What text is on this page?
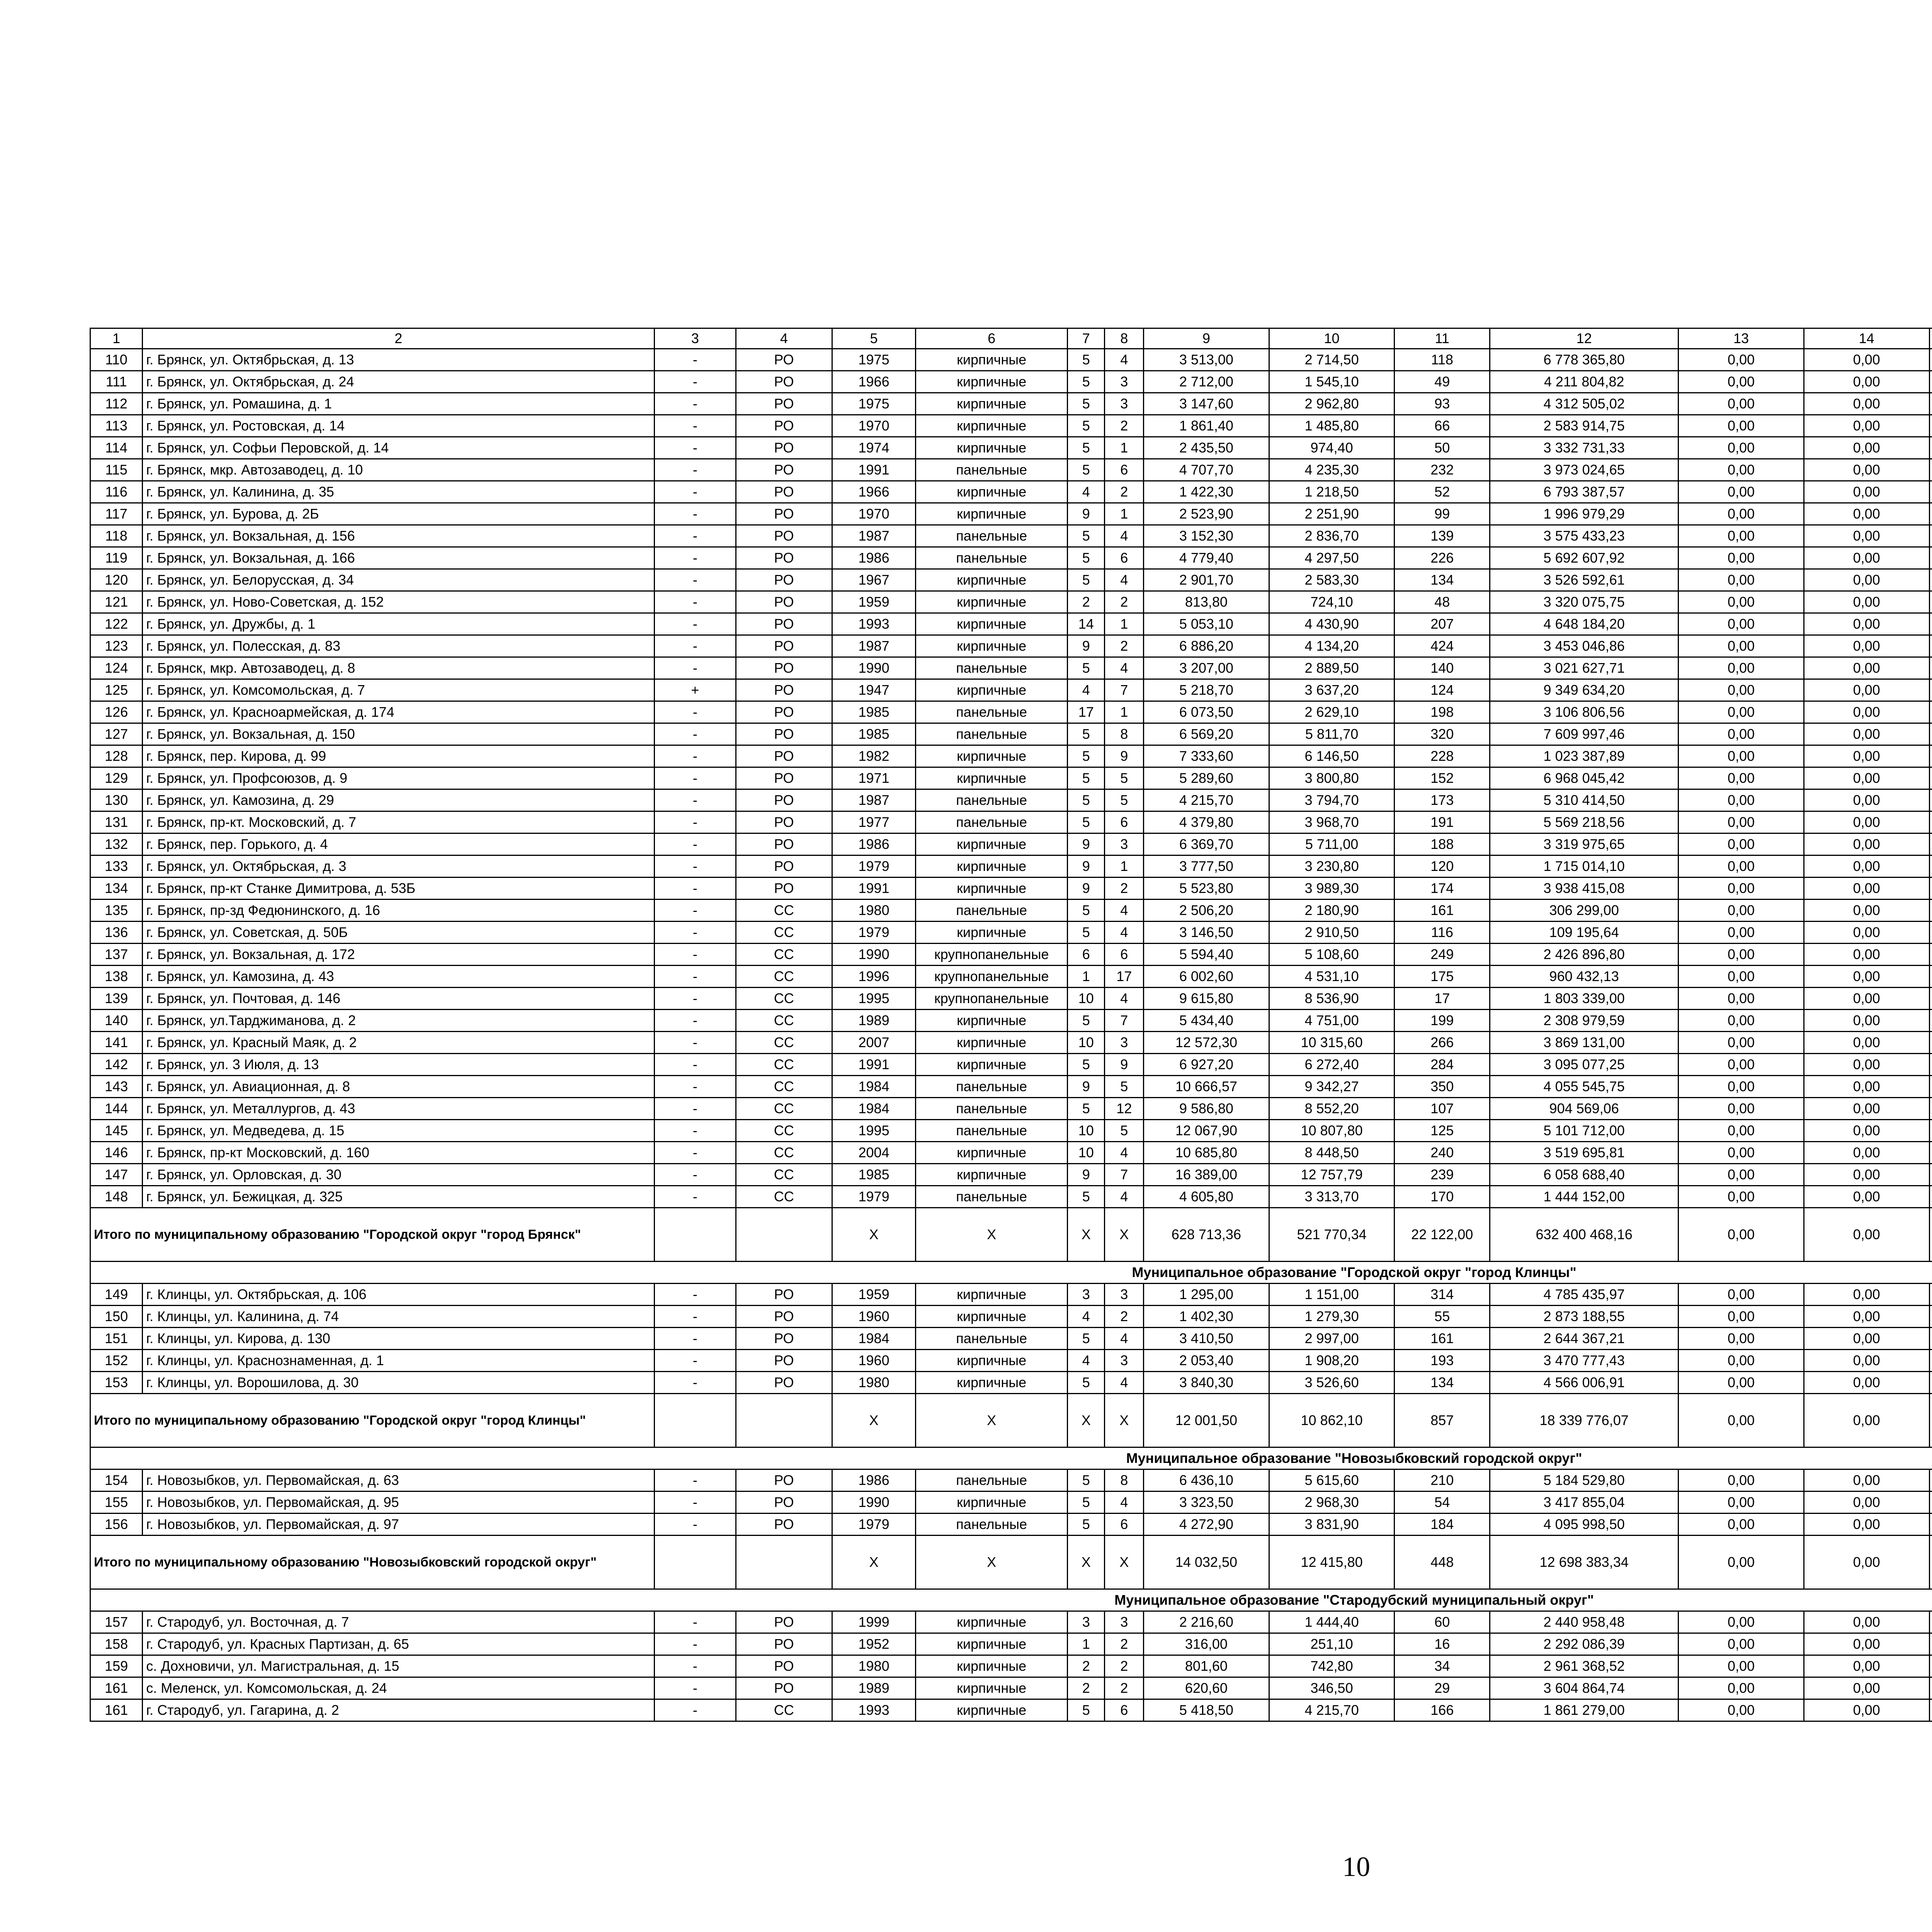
1	2	3	4	5	6	7	8	9	10	11	12	13	14					
110	г. Брянск, ул. Октябрьская, д. 13	-	РО	1975	кирпичные	5	4	3 513,00	2 714,50	118	6 778 365,80	0,00	0,00					
111	г. Брянск, ул. Октябрьская, д. 24	-	РО	1966	кирпичные	5	3	2 712,00	1 545,10	49	4 211 804,82	0,00	0,00					
112	г. Брянск, ул. Ромашина, д. 1	-	РО	1975	кирпичные	5	3	3 147,60	2 962,80	93	4 312 505,02	0,00	0,00					
113	г. Брянск, ул. Ростовская, д. 14	-	РО	1970	кирпичные	5	2	1 861,40	1 485,80	66	2 583 914,75	0,00	0,00					
114	г. Брянск, ул. Софьи Перовской, д. 14	-	РО	1974	кирпичные	5	1	2 435,50	974,40	50	3 332 731,33	0,00	0,00					
115	г. Брянск, мкр. Автозаводец, д. 10	-	РО	1991	панельные	5	6	4 707,70	4 235,30	232	3 973 024,65	0,00	0,00					
116	г. Брянск, ул. Калинина, д. 35	-	РО	1966	кирпичные	4	2	1 422,30	1 218,50	52	6 793 387,57	0,00	0,00					
117	г. Брянск, ул. Бурова, д. 2Б	-	РО	1970	кирпичные	9	1	2 523,90	2 251,90	99	1 996 979,29	0,00	0,00					
118	г. Брянск, ул. Вокзальная, д. 156	-	РО	1987	панельные	5	4	3 152,30	2 836,70	139	3 575 433,23	0,00	0,00					
119	г. Брянск, ул. Вокзальная, д. 166	-	РО	1986	панельные	5	6	4 779,40	4 297,50	226	5 692 607,92	0,00	0,00					
120	г. Брянск, ул. Белорусская, д. 34	-	РО	1967	кирпичные	5	4	2 901,70	2 583,30	134	3 526 592,61	0,00	0,00					
121	г. Брянск, ул. Ново-Советская, д. 152	-	РО	1959	кирпичные	2	2	813,80	724,10	48	3 320 075,75	0,00	0,00					
122	г. Брянск, ул. Дружбы, д. 1	-	РО	1993	кирпичные	14	1	5 053,10	4 430,90	207	4 648 184,20	0,00	0,00					
123	г. Брянск, ул. Полесская, д. 83	-	РО	1987	кирпичные	9	2	6 886,20	4 134,20	424	3 453 046,86	0,00	0,00					
124	г. Брянск, мкр. Автозаводец, д. 8	-	РО	1990	панельные	5	4	3 207,00	2 889,50	140	3 021 627,71	0,00	0,00					
125	г. Брянск, ул. Комсомольская, д. 7	+	РО	1947	кирпичные	4	7	5 218,70	3 637,20	124	9 349 634,20	0,00	0,00					
126	г. Брянск, ул. Красноармейская, д. 174	-	РО	1985	панельные	17	1	6 073,50	2 629,10	198	3 106 806,56	0,00	0,00					
127	г. Брянск, ул. Вокзальная, д. 150	-	РО	1985	панельные	5	8	6 569,20	5 811,70	320	7 609 997,46	0,00	0,00					
128	г. Брянск, пер. Кирова, д. 99	-	РО	1982	кирпичные	5	9	7 333,60	6 146,50	228	1 023 387,89	0,00	0,00					
129	г. Брянск, ул. Профсоюзов, д. 9	-	РО	1971	кирпичные	5	5	5 289,60	3 800,80	152	6 968 045,42	0,00	0,00					
130	г. Брянск, ул. Камозина, д. 29	-	РО	1987	панельные	5	5	4 215,70	3 794,70	173	5 310 414,50	0,00	0,00					
131	г. Брянск, пр-кт. Московский, д. 7	-	РО	1977	панельные	5	6	4 379,80	3 968,70	191	5 569 218,56	0,00	0,00					
132	г. Брянск, пер. Горького, д. 4	-	РО	1986	кирпичные	9	3	6 369,70	5 711,00	188	3 319 975,65	0,00	0,00					
133	г. Брянск, ул. Октябрьская, д. 3	-	РО	1979	кирпичные	9	1	3 777,50	3 230,80	120	1 715 014,10	0,00	0,00					
134	г. Брянск, пр-кт Станке Димитрова, д. 53Б	-	РО	1991	кирпичные	9	2	5 523,80	3 989,30	174	3 938 415,08	0,00	0,00					
135	г. Брянск, пр-зд Федюнинского, д. 16	-	СС	1980	панельные	5	4	2 506,20	2 180,90	161	306 299,00	0,00	0,00					
136	г. Брянск, ул. Советская, д. 50Б	-	СС	1979	кирпичные	5	4	3 146,50	2 910,50	116	109 195,64	0,00	0,00					
137	г. Брянск, ул. Вокзальная, д. 172	-	СС	1990	крупнопанельные	6	6	5 594,40	5 108,60	249	2 426 896,80	0,00	0,00					
138	г. Брянск, ул. Камозина, д. 43	-	СС	1996	крупнопанельные	1	17	6 002,60	4 531,10	175	960 432,13	0,00	0,00					
139	г. Брянск, ул. Почтовая, д. 146	-	СС	1995	крупнопанельные	10	4	9 615,80	8 536,90	17	1 803 339,00	0,00	0,00					
140	г. Брянск, ул.Тарджиманова, д. 2	-	СС	1989	кирпичные	5	7	5 434,40	4 751,00	199	2 308 979,59	0,00	0,00					
141	г. Брянск, ул. Красный Маяк, д. 2	-	СС	2007	кирпичные	10	3	12 572,30	10 315,60	266	3 869 131,00	0,00	0,00					
142	г. Брянск, ул. 3 Июля, д. 13	-	СС	1991	кирпичные	5	9	6 927,20	6 272,40	284	3 095 077,25	0,00	0,00					
143	г. Брянск, ул. Авиационная, д. 8	-	СС	1984	панельные	9	5	10 666,57	9 342,27	350	4 055 545,75	0,00	0,00					
144	г. Брянск, ул. Металлургов, д. 43	-	СС	1984	панельные	5	12	9 586,80	8 552,20	107	904 569,06	0,00	0,00					
145	г. Брянск, ул. Медведева, д. 15	-	СС	1995	панельные	10	5	12 067,90	10 807,80	125	5 101 712,00	0,00	0,00					
146	г. Брянск, пр-кт Московский, д. 160	-	СС	2004	кирпичные	10	4	10 685,80	8 448,50	240	3 519 695,81	0,00	0,00					
147	г. Брянск, ул. Орловская, д. 30	-	СС	1985	кирпичные	9	7	16 389,00	12 757,79	239	6 058 688,40	0,00	0,00					
148	г. Брянск, ул. Бежицкая, д. 325	-	СС	1979	панельные	5	4	4 605,80	3 313,70	170	1 444 152,00	0,00	0,00					
Итого по муниципальному образованию "Городской округ "город Брянск"				Х	Х	Х	Х	628 713,36	521 770,34	22 122,00	632 400 468,16	0,00	0,00					
Муниципальное образование "Городской округ "город Клинцы"																		
149	г. Клинцы, ул. Октябрьская, д. 106	-	РО	1959	кирпичные	3	3	1 295,00	1 151,00	314	4 785 435,97	0,00	0,00					
150	г. Клинцы, ул. Калинина, д. 74	-	РО	1960	кирпичные	4	2	1 402,30	1 279,30	55	2 873 188,55	0,00	0,00					
151	г. Клинцы, ул. Кирова, д. 130	-	РО	1984	панельные	5	4	3 410,50	2 997,00	161	2 644 367,21	0,00	0,00					
152	г. Клинцы, ул. Краснознаменная, д. 1	-	РО	1960	кирпичные	4	3	2 053,40	1 908,20	193	3 470 777,43	0,00	0,00					
153	г. Клинцы, ул. Ворошилова, д. 30	-	РО	1980	кирпичные	5	4	3 840,30	3 526,60	134	4 566 006,91	0,00	0,00					
Итого по муниципальному образованию "Городской округ "город Клинцы"				Х	Х	Х	Х	12 001,50	10 862,10	857	18 339 776,07	0,00	0,00					
Муниципальное образование "Новозыбковский городской округ"																		
154	г. Новозыбков, ул. Первомайская, д. 63	-	РО	1986	панельные	5	8	6 436,10	5 615,60	210	5 184 529,80	0,00	0,00					
155	г. Новозыбков, ул. Первомайская, д. 95	-	РО	1990	кирпичные	5	4	3 323,50	2 968,30	54	3 417 855,04	0,00	0,00					
156	г. Новозыбков, ул. Первомайская, д. 97	-	РО	1979	панельные	5	6	4 272,90	3 831,90	184	4 095 998,50	0,00	0,00					
Итого по муниципальному образованию "Новозыбковский городской округ"				Х	Х	Х	Х	14 032,50	12 415,80	448	12 698 383,34	0,00	0,00					
Муниципальное образование "Стародубский муниципальный округ"																		
157	г. Стародуб, ул. Восточная, д. 7	-	РО	1999	кирпичные	3	3	2 216,60	1 444,40	60	2 440 958,48	0,00	0,00					
158	г. Стародуб, ул. Красных Партизан, д. 65	-	РО	1952	кирпичные	1	2	316,00	251,10	16	2 292 086,39	0,00	0,00					
159	с. Дохновичи, ул. Магистральная, д. 15	-	РО	1980	кирпичные	2	2	801,60	742,80	34	2 961 368,52	0,00	0,00					
161	с. Меленск, ул. Комсомольская, д. 24	-	РО	1989	кирпичные	2	2	620,60	346,50	29	3 604 864,74	0,00	0,00					
161	г. Стародуб, ул. Гагарина, д. 2	-	СС	1993	кирпичные	5	6	5 418,50	4 215,70	166	1 861 279,00	0,00	0,00					
10
